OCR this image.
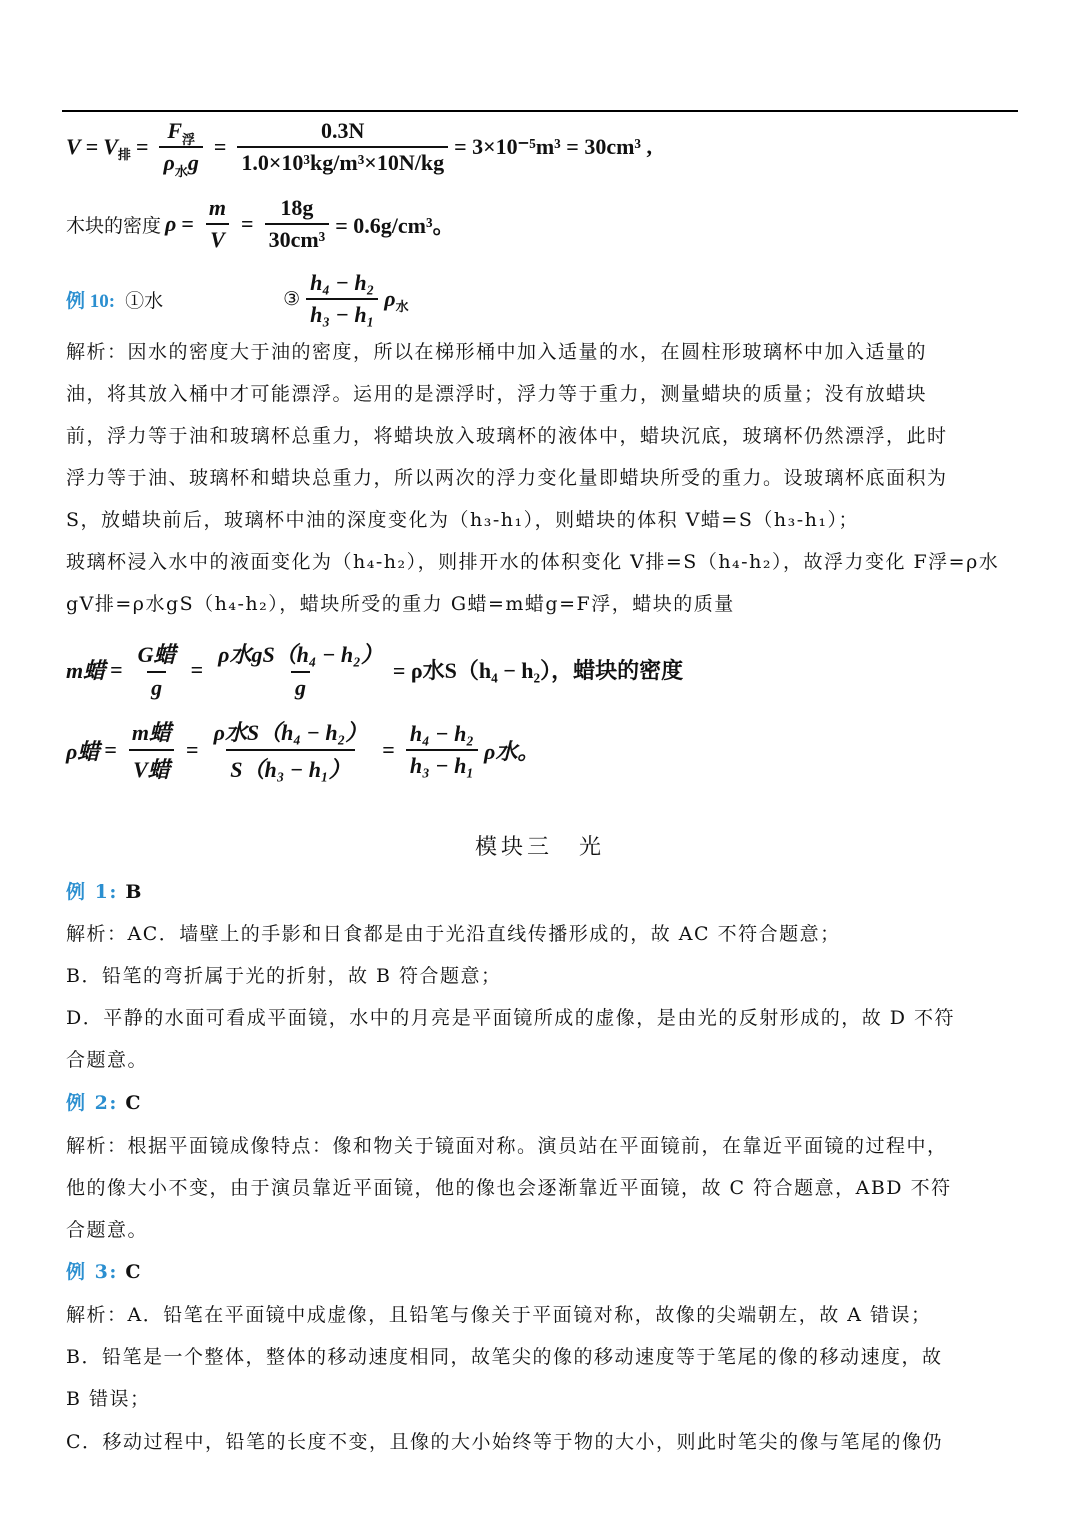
V = V 排 = $\frac{F_浮}{\rho_水g} = \frac{0.3N}{\text{1.0×10³kg/m³×10N/kg}} = 3\times 10^{-5}m^3 = 30cm^3$ ,
木块的密度 $\rho = \frac{m}{V} = \frac{18g}{\text{30cm³}} = 0.6g/cm^3$。
例 10: ①水	③ $\frac{\text{h₄ − h₂}}{\text{h₃ − h₁}}$ ρ 水
解析：因水的密度大于油的密度，所以在梯形桶中加入适量的水，在圆柱形玻璃杯中加入适量的
油，将其放入桶中才可能漂浮。运用的是漂浮时，浮力等于重力，测量蜡块的质量；没有放蜡块
前，浮力等于油和玻璃杯总重力，将蜡块放入玻璃杯的液体中，蜡块沉底，玻璃杯仍然漂浮，此时
浮力等于油、玻璃杯和蜡块总重力，所以两次的浮力变化量即蜡块所受的重力。设玻璃杯底面积为
S，放蜡块前后，玻璃杯中油的深度变化为（h₃-h₁），则蜡块的体积 V蜡=S（h₃-h₁）；
玻璃杯浸入水中的液面变化为（h₄-h₂），则排开水的体积变化 V排=S（h₄-h₂），故浮力变化 F浮=ρ水
gV排=ρ水gS（h₄-h₂），蜡块所受的重力 G蜡=m蜡g=F浮，蜡块的质量
m蜡 = $\frac{\text{G蜡}}{g} = \frac{\text{ρ水gS（h₄ − h₂）}}{g} = \rho$水S（h₄ − h₂），蜡块的密度
ρ蜡 = $\frac{\text{m蜡}}{\text{V蜡}} = \frac{\text{ρ水S（h₄ − h₂）}}{\text{S（h₃ − h₁）}} = \frac{\text{h₄ − h₂}}{\text{h₃ − h₁}}$ ρ水。
模块三　光
例 1: B
解析：AC．墙壁上的手影和日食都是由于光沿直线传播形成的，故 AC 不符合题意；
B．铅笔的弯折属于光的折射，故 B 符合题意；
D．平静的水面可看成平面镜，水中的月亮是平面镜所成的虚像，是由光的反射形成的，故 D 不符
合题意。
例 2: C
解析：根据平面镜成像特点：像和物关于镜面对称。演员站在平面镜前，在靠近平面镜的过程中，
他的像大小不变，由于演员靠近平面镜，他的像也会逐渐靠近平面镜，故 C 符合题意，ABD 不符
合题意。
例 3: C
解析：A．铅笔在平面镜中成虚像，且铅笔与像关于平面镜对称，故像的尖端朝左，故 A 错误；
B．铅笔是一个整体，整体的移动速度相同，故笔尖的像的移动速度等于笔尾的像的移动速度，故
B 错误；
C．移动过程中，铅笔的长度不变，且像的大小始终等于物的大小，则此时笔尖的像与笔尾的像仍
